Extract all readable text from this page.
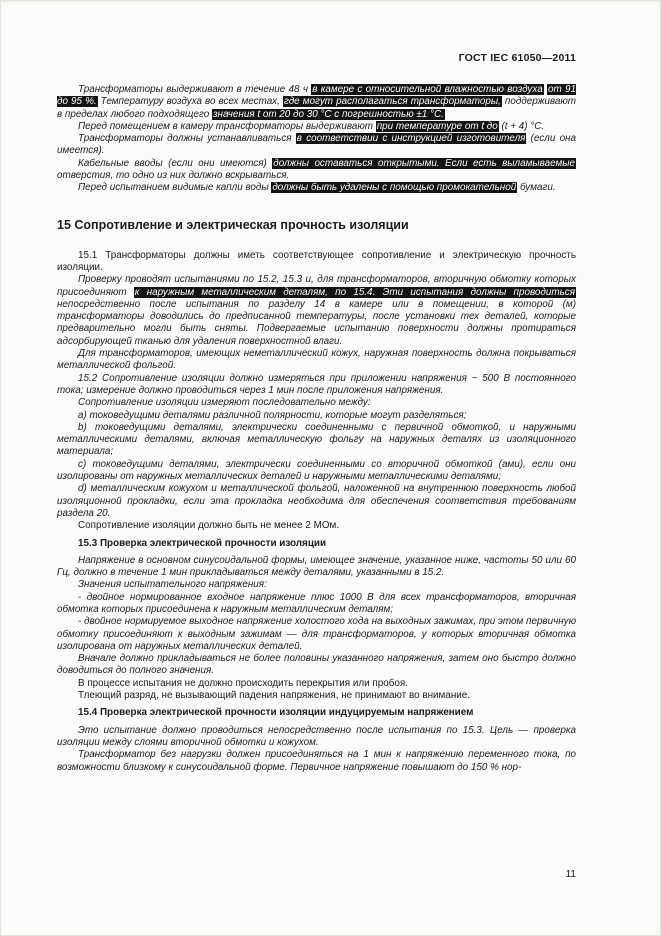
ГОСТ IEC 61050—2011

Трансформаторы выдерживают в течение 48 ч в камере с относительной влажностью воздуха от 91 до 95 %. Температуру воздуха во всех местах, где могут располагаться трансформаторы, поддерживают в пределах любого подходящего значения t от 20 до 30 °С с погрешностью ±1 °С.

Перед помещением в камеру трансформаторы выдерживают при температуре от t до (t + 4) °С.

Трансформаторы должны устанавливаться в соответствии с инструкцией изготовителя (если она имеется).

Кабельные вводы (если они имеются) должны оставаться открытыми. Если есть выламываемые отверстия, то одно из них должно вскрываться.

Перед испытанием видимые капли воды должны быть удалены с помощью промокательной бумаги.

15 Сопротивление и электрическая прочность изоляции

15.1 Трансформаторы должны иметь соответствующее сопротивление и электрическую прочность изоляции.

Проверку проводят испытаниями по 15.2, 15.3 и, для трансформаторов, вторичную обмотку которых присоединяют к наружным металлическим деталям, по 15.4. Эти испытания должны проводиться непосредственно после испытания по разделу 14 в камере или в помещении, в которой (м) трансформаторы доводились до предписанной температуры, после установки тех деталей, которые предварительно могли быть сняты. Подвергаемые испытанию поверхности должны протираться адсорбирующей тканью для удаления поверхностной влаги.

Для трансформаторов, имеющих неметаллический кожух, наружная поверхность должна покрываться металлической фольгой.

15.2 Сопротивление изоляции должно измеряться при приложении напряжения ~ 500 В постоянного тока; измерение должно проводиться через 1 мин после приложения напряжения.

Сопротивление изоляции измеряют последовательно между:

а) токоведущими деталями различной полярности, которые могут разделяться;

b) токоведущими деталями, электрически соединенными с первичной обмоткой, и наружными металлическими деталями, включая металлическую фольгу на наружных деталях из изоляционного материала;

с) токоведущими деталями, электрически соединенными со вторичной обмоткой (ами), если они изолированы от наружных металлических деталей и наружными металлическими деталями;

d) металлическим кожухом и металлической фольгой, наложенной на внутреннюю поверхность любой изоляционной прокладки, если эта прокладка необходима для обеспечения соответствия требованиям раздела 20.

Сопротивление изоляции должно быть не менее 2 МОм.

15.3 Проверка электрической прочности изоляции

Напряжение в основном синусоидальной формы, имеющее значение, указанное ниже, частоты 50 или 60 Гц, должно в течение 1 мин прикладываться между деталями, указанными в 15.2.

Значения испытательного напряжения:

- двойное нормированное входное напряжение плюс 1000 В для всех трансформаторов, вторичная обмотка которых присоединена к наружным металлическим деталям;

- двойное нормируемое выходное напряжение холостого хода на выходных зажимах, при этом первичную обмотку присоединяют к выходным зажимам — для трансформаторов, у которых вторичная обмотка изолирована от наружных металлических деталей.

Вначале должно прикладываться не более половины указанного напряжения, затем оно быстро должно доводиться до полного значения.

В процессе испытания не должно происходить перекрытия или пробоя.

Тлеющий разряд, не вызывающий падения напряжения, не принимают во внимание.

15.4 Проверка электрической прочности изоляции индуцируемым напряжением

Это испытание должно проводиться непосредственно после испытания по 15.3. Цель — проверка изоляции между слоями вторичной обмотки и кожухом.

Трансформатор без нагрузки должен присоединяться на 1 мин к напряжению переменного тока, по возможности близкому к синусоидальной форме. Первичное напряжение повышают до 150 % нор-

11
